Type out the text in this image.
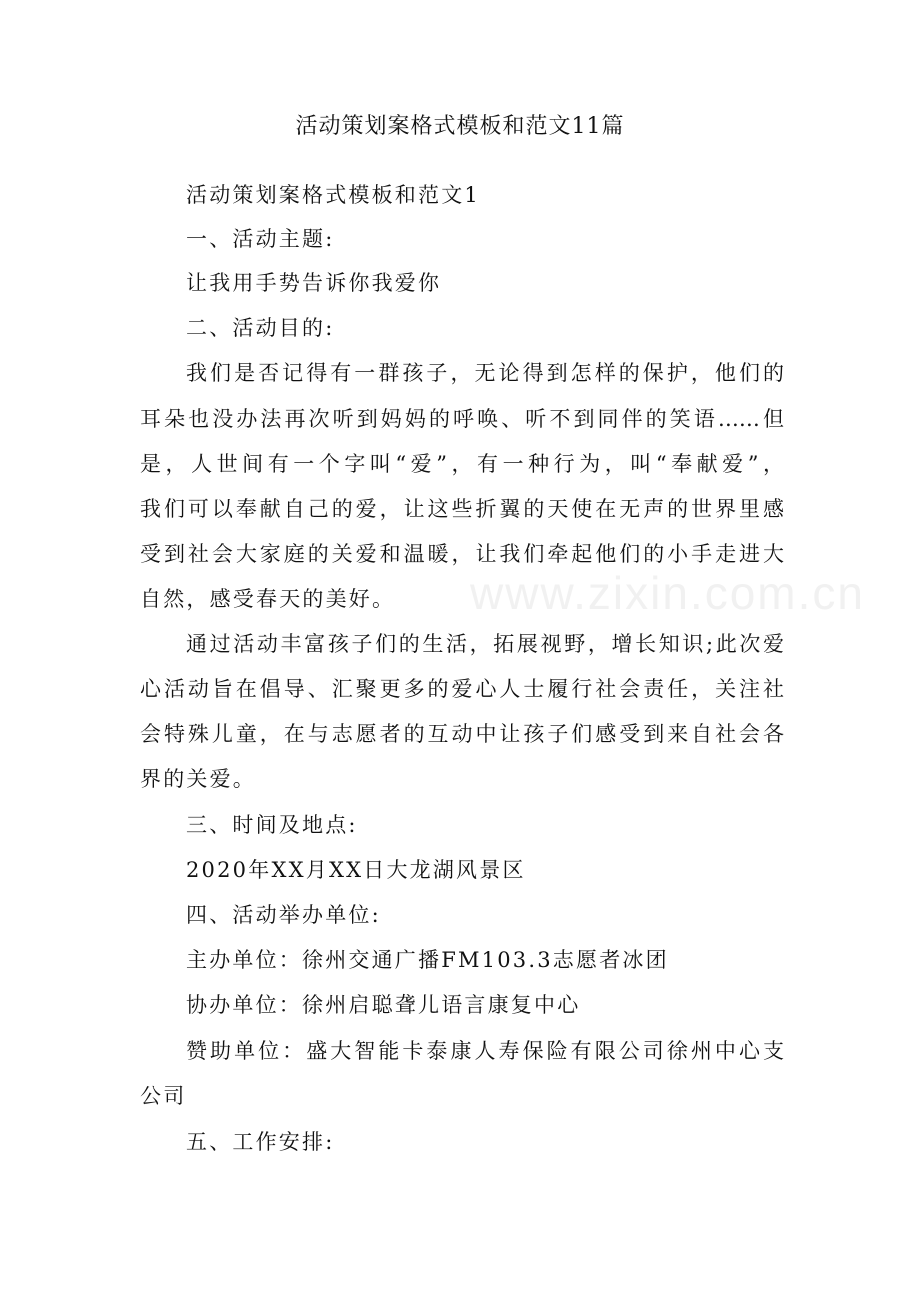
www.zixin.com.cn
活动策划案格式模板和范文11篇
活动策划案格式模板和范文1
一、活动主题:
让我用手势告诉你我爱你
二、活动目的:
我们是否记得有一群孩子，无论得到怎样的保护，他们的
耳朵也没办法再次听到妈妈的呼唤、听不到同伴的笑语……但
是，人世间有一个字叫“爱”，有一种行为，叫“奉献爱”，
我们可以奉献自己的爱，让这些折翼的天使在无声的世界里感
受到社会大家庭的关爱和温暖，让我们牵起他们的小手走进大
自然，感受春天的美好。
通过活动丰富孩子们的生活，拓展视野，增长知识;此次爱
心活动旨在倡导、汇聚更多的爱心人士履行社会责任，关注社
会特殊儿童，在与志愿者的互动中让孩子们感受到来自社会各
界的关爱。
三、时间及地点:
2020年XX月XX日大龙湖风景区
四、活动举办单位:
主办单位：徐州交通广播FM103.3志愿者冰团
协办单位：徐州启聪聋儿语言康复中心
赞助单位：盛大智能卡泰康人寿保险有限公司徐州中心支
公司
五、工作安排:
